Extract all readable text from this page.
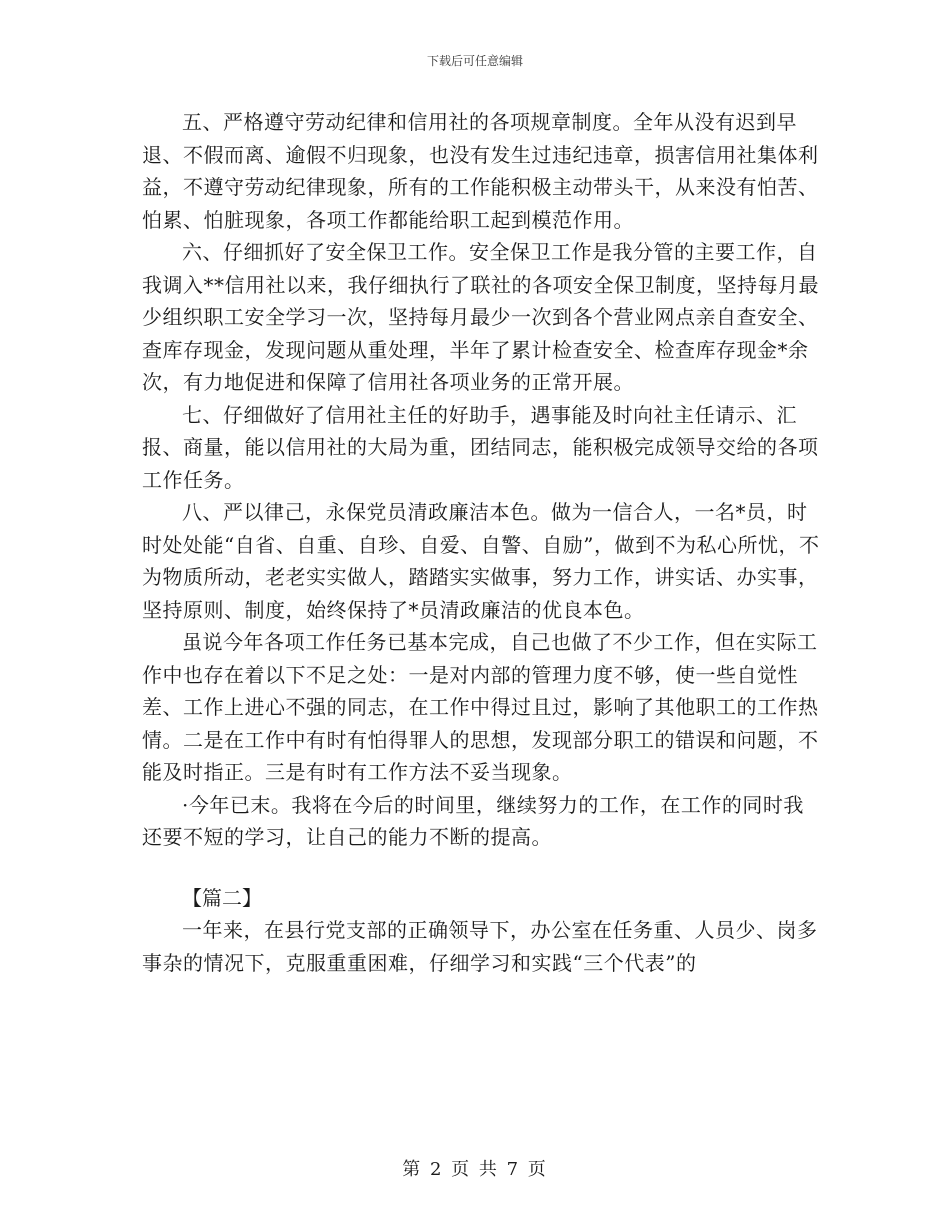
下载后可任意编辑

五、严格遵守劳动纪律和信用社的各项规章制度。全年从没有迟到早退、不假而离、逾假不归现象，也没有发生过违纪违章，损害信用社集体利益，不遵守劳动纪律现象，所有的工作能积极主动带头干，从来没有怕苦、怕累、怕脏现象，各项工作都能给职工起到模范作用。

六、仔细抓好了安全保卫工作。安全保卫工作是我分管的主要工作，自我调入**信用社以来，我仔细执行了联社的各项安全保卫制度，坚持每月最少组织职工安全学习一次，坚持每月最少一次到各个营业网点亲自查安全、查库存现金，发现问题从重处理，半年了累计检查安全、检查库存现金*余次，有力地促进和保障了信用社各项业务的正常开展。

七、仔细做好了信用社主任的好助手，遇事能及时向社主任请示、汇报、商量，能以信用社的大局为重，团结同志，能积极完成领导交给的各项工作任务。

八、严以律己，永保党员清政廉洁本色。做为一信合人，一名*员，时时处处能“自省、自重、自珍、自爱、自警、自励”，做到不为私心所忧，不为物质所动，老老实实做人，踏踏实实做事，努力工作，讲实话、办实事，坚持原则、制度，始终保持了*员清政廉洁的优良本色。

虽说今年各项工作任务已基本完成，自己也做了不少工作，但在实际工作中也存在着以下不足之处：一是对内部的管理力度不够，使一些自觉性差、工作上进心不强的同志，在工作中得过且过，影响了其他职工的工作热情。二是在工作中有时有怕得罪人的思想，发现部分职工的错误和问题，不能及时指正。三是有时有工作方法不妥当现象。

·今年已末。我将在今后的时间里，继续努力的工作，在工作的同时我还要不短的学习，让自己的能力不断的提高。

【篇二】

一年来，在县行党支部的正确领导下，办公室在任务重、人员少、岗多事杂的情况下，克服重重困难，仔细学习和实践“三个代表”的

第 2 页 共 7 页
